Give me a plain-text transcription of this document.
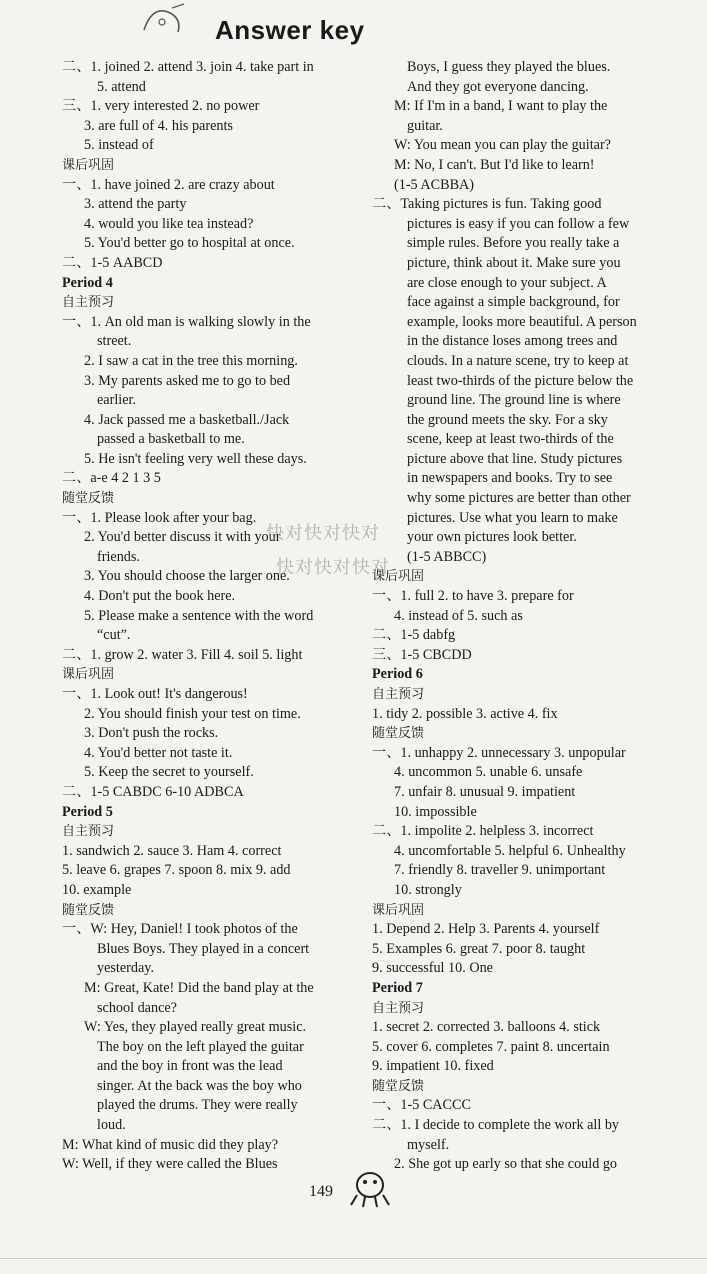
Answer key
二、1. joined 2. attend 3. join 4. take part in
5. attend
三、1. very interested 2. no power
3. are full of 4. his parents
5. instead of
课后巩固
一、1. have joined 2. are crazy about
3. attend the party
4. would you like tea instead?
5. You'd better go to hospital at once.
二、1-5 AABCD
Period 4
自主预习
一、1. An old man is walking slowly in the
street.
2. I saw a cat in the tree this morning.
3. My parents asked me to go to bed
earlier.
4. Jack passed me a basketball./Jack
passed a basketball to me.
5. He isn't feeling very well these days.
二、a-e 4 2 1 3 5
随堂反馈
一、1. Please look after your bag.
2. You'd better discuss it with your
friends.
3. You should choose the larger one.
4. Don't put the book here.
5. Please make a sentence with the word
“cut”.
二、1. grow 2. water 3. Fill 4. soil 5. light
课后巩固
一、1. Look out! It's dangerous!
2. You should finish your test on time.
3. Don't push the rocks.
4. You'd better not taste it.
5. Keep the secret to yourself.
二、1-5 CABDC 6-10 ADBCA
Period 5
自主预习
1. sandwich 2. sauce 3. Ham 4. correct
5. leave 6. grapes 7. spoon 8. mix 9. add
10. example
随堂反馈
一、W: Hey, Daniel! I took photos of the
Blues Boys. They played in a concert
yesterday.
M: Great, Kate! Did the band play at the
school dance?
W: Yes, they played really great music.
The boy on the left played the guitar
and the boy in front was the lead
singer. At the back was the boy who
played the drums. They were really
loud.
M: What kind of music did they play?
W: Well, if they were called the Blues
Boys, I guess they played the blues.
And they got everyone dancing.
M: If I'm in a band, I want to play the
guitar.
W: You mean you can play the guitar?
M: No, I can't. But I'd like to learn!
(1-5 ACBBA)
二、Taking pictures is fun. Taking good
pictures is easy if you can follow a few
simple rules. Before you really take a
picture, think about it. Make sure you
are close enough to your subject. A
face against a simple background, for
example, looks more beautiful. A person
in the distance loses among trees and
clouds. In a nature scene, try to keep at
least two-thirds of the picture below the
ground line. The ground line is where
the ground meets the sky. For a sky
scene, keep at least two-thirds of the
picture above that line. Study pictures
in newspapers and books. Try to see
why some pictures are better than other
pictures. Use what you learn to make
your own pictures look better.
(1-5 ABBCC)
课后巩固
一、1. full 2. to have 3. prepare for
4. instead of 5. such as
二、1-5 dabfg
三、1-5 CBCDD
Period 6
自主预习
1. tidy 2. possible 3. active 4. fix
随堂反馈
一、1. unhappy 2. unnecessary 3. unpopular
4. uncommon 5. unable 6. unsafe
7. unfair 8. unusual 9. impatient
10. impossible
二、1. impolite 2. helpless 3. incorrect
4. uncomfortable 5. helpful 6. Unhealthy
7. friendly 8. traveller 9. unimportant
10. strongly
课后巩固
1. Depend 2. Help 3. Parents 4. yourself
5. Examples 6. great 7. poor 8. taught
9. successful 10. One
Period 7
自主预习
1. secret 2. corrected 3. balloons 4. stick
5. cover 6. completes 7. paint 8. uncertain
9. impatient 10. fixed
随堂反馈
一、1-5 CACCC
二、1. I decide to complete the work all by
myself.
2. She got up early so that she could go
快对快对快对
快对快对快对
149
